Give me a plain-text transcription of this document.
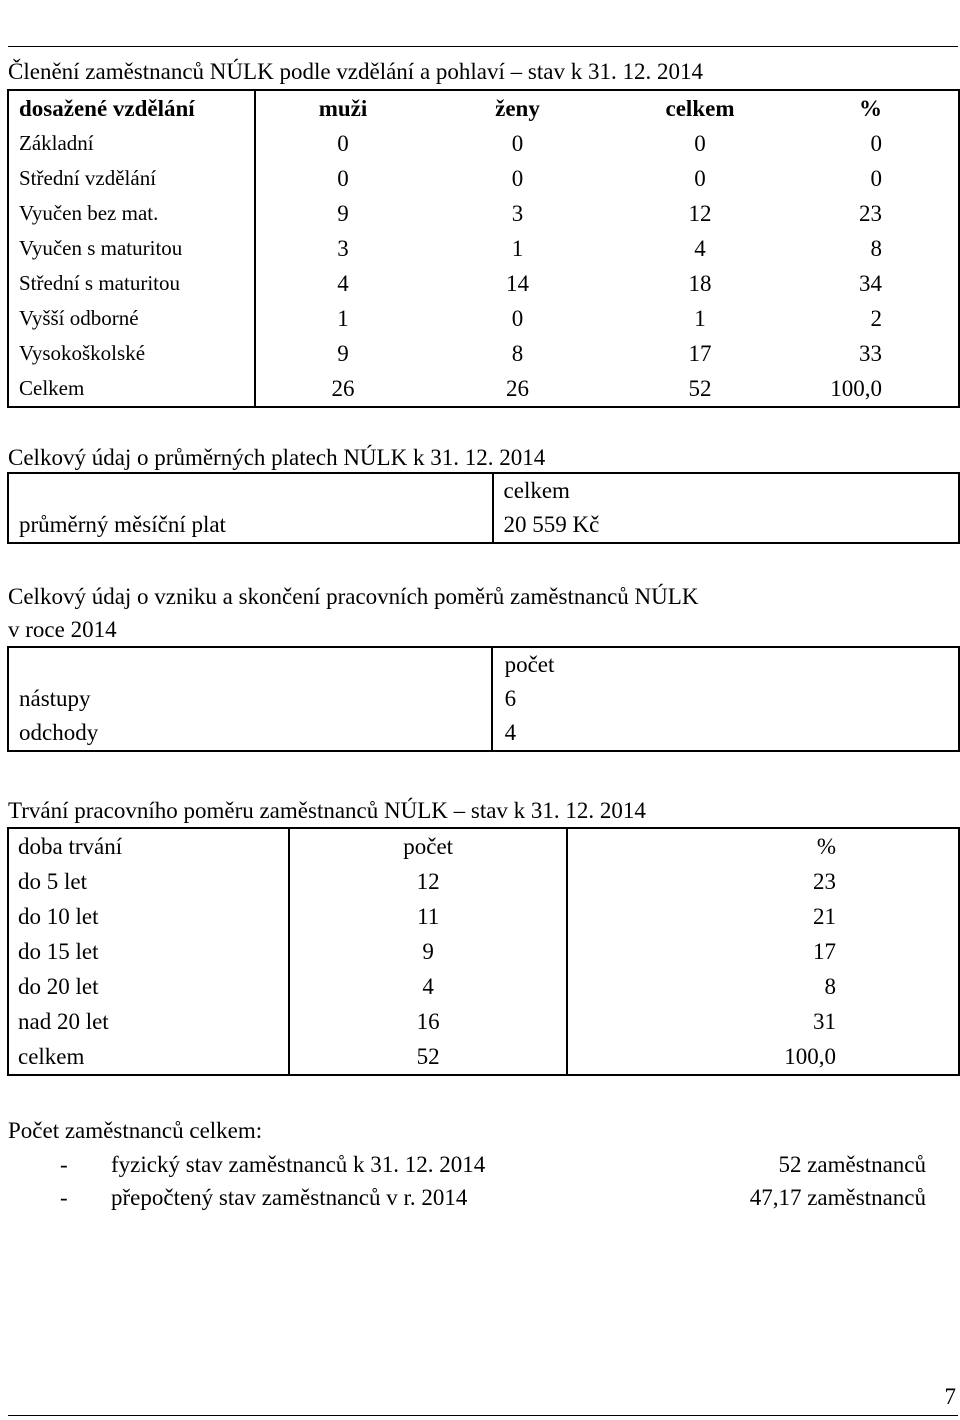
Členění zaměstnanců NÚLK podle vzdělání a pohlaví – stav k 31. 12. 2014
dosažené vzdělání	muži	ženy	celkem	%
Základní	0	0	0	0
Střední vzdělání	0	0	0	0
Vyučen bez mat.	9	3	12	23
Vyučen s maturitou	3	1	4	8
Střední s maturitou	4	14	18	34
Vyšší odborné	1	0	1	2
Vysokoškolské	9	8	17	33
Celkem	26	26	52	100,0
Celkový údaj o průměrných platech NÚLK k 31. 12. 2014
	celkem
průměrný měsíční plat	20 559 Kč
Celkový údaj o vzniku a skončení pracovních poměrů zaměstnanců NÚLK
v roce 2014
	počet
nástupy	6
odchody	4
Trvání pracovního poměru zaměstnanců NÚLK – stav k 31. 12. 2014
doba trvání	počet	%
do 5 let	12	23
do 10 let	11	21
do 15 let	9	17
do 20 let	4	8
nad 20 let	16	31
celkem	52	100,0
Počet zaměstnanců celkem:
- fyzický stav zaměstnanců k 31. 12. 2014	52 zaměstnanců
- přepočtený stav zaměstnanců v r. 2014	47,17 zaměstnanců
7
